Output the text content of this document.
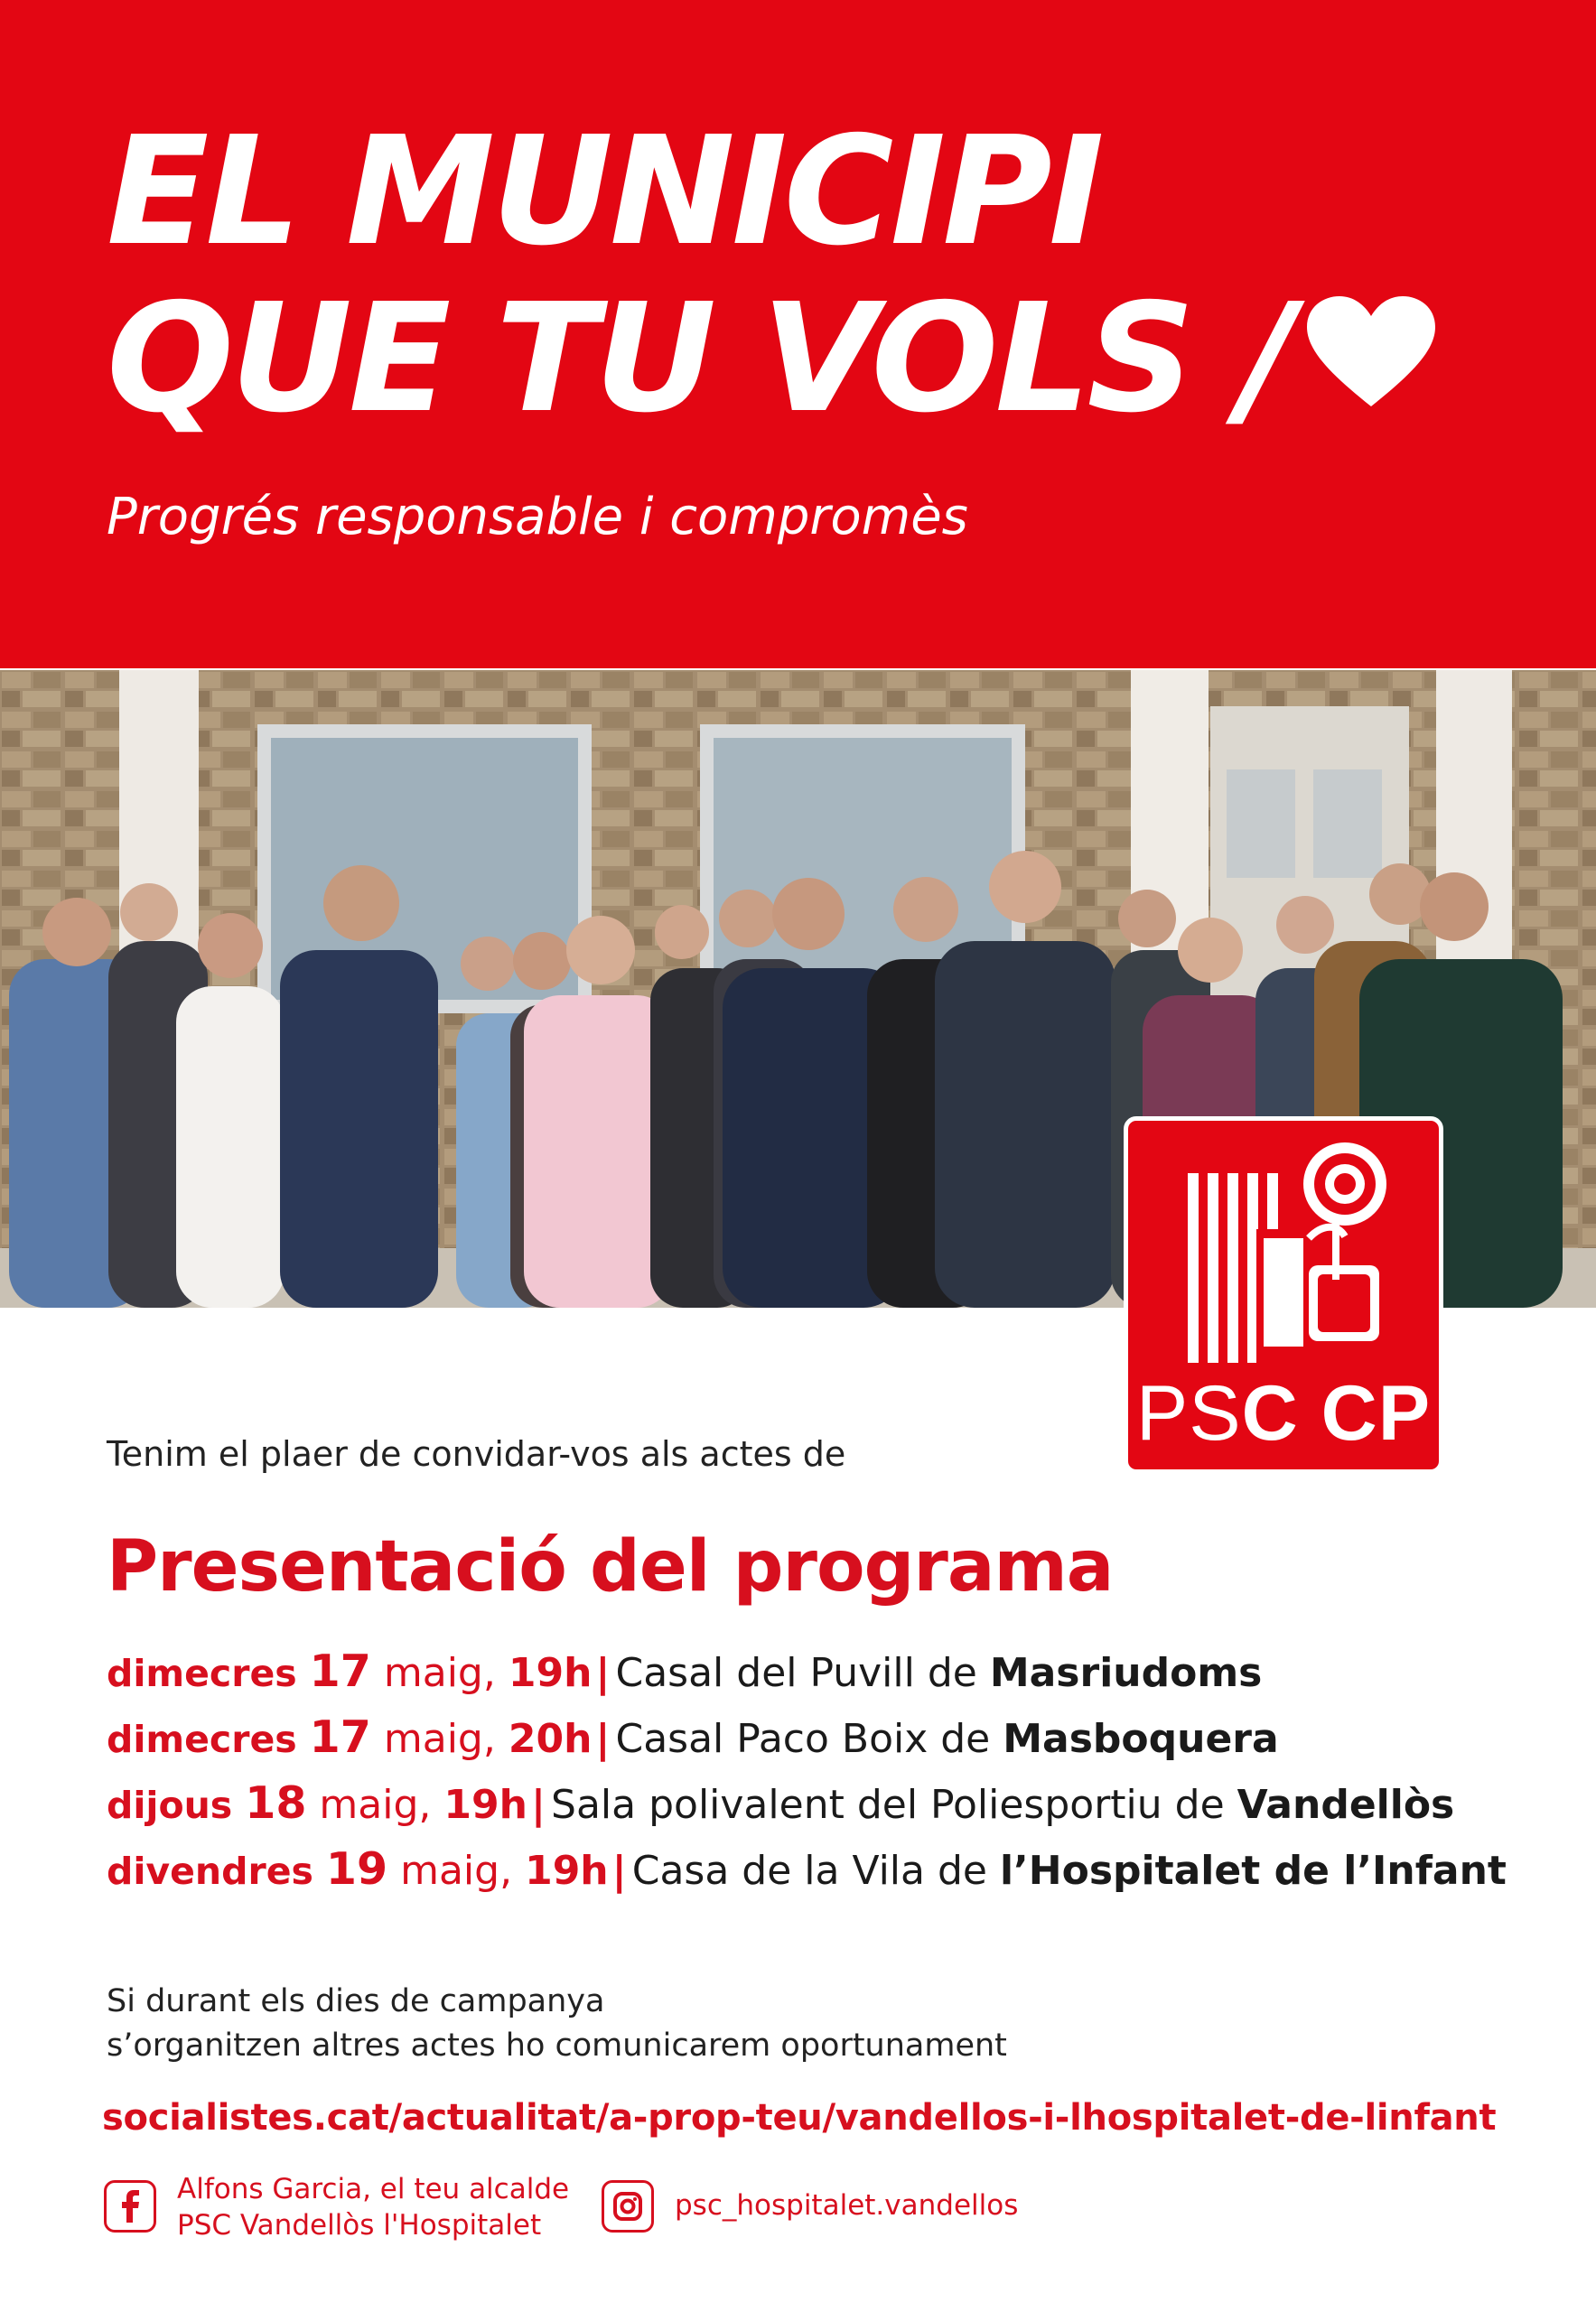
EL MUNICIPI
QUE TU VOLS /
Progrés responsable i compromès
PSC CP
Tenim el plaer de convidar-vos als actes de
Presentació del programa
dimecres 17 maig, 19h| Casal del Puvill de Masriudoms
dimecres 17 maig, 20h| Casal Paco Boix de Masboquera
dijous 18 maig, 19h| Sala polivalent del Poliesportiu de Vandellòs
divendres 19 maig, 19h| Casa de la Vila de l’Hospitalet de l’Infant
Si durant els dies de campanya
s’organitzen altres actes ho comunicarem oportunament
socialistes.cat/actualitat/a-prop-teu/vandellos-i-lhospitalet-de-linfant
Alfons Garcia, el teu alcalde
PSC Vandellòs l'Hospitalet
psc_hospitalet.vandellos
